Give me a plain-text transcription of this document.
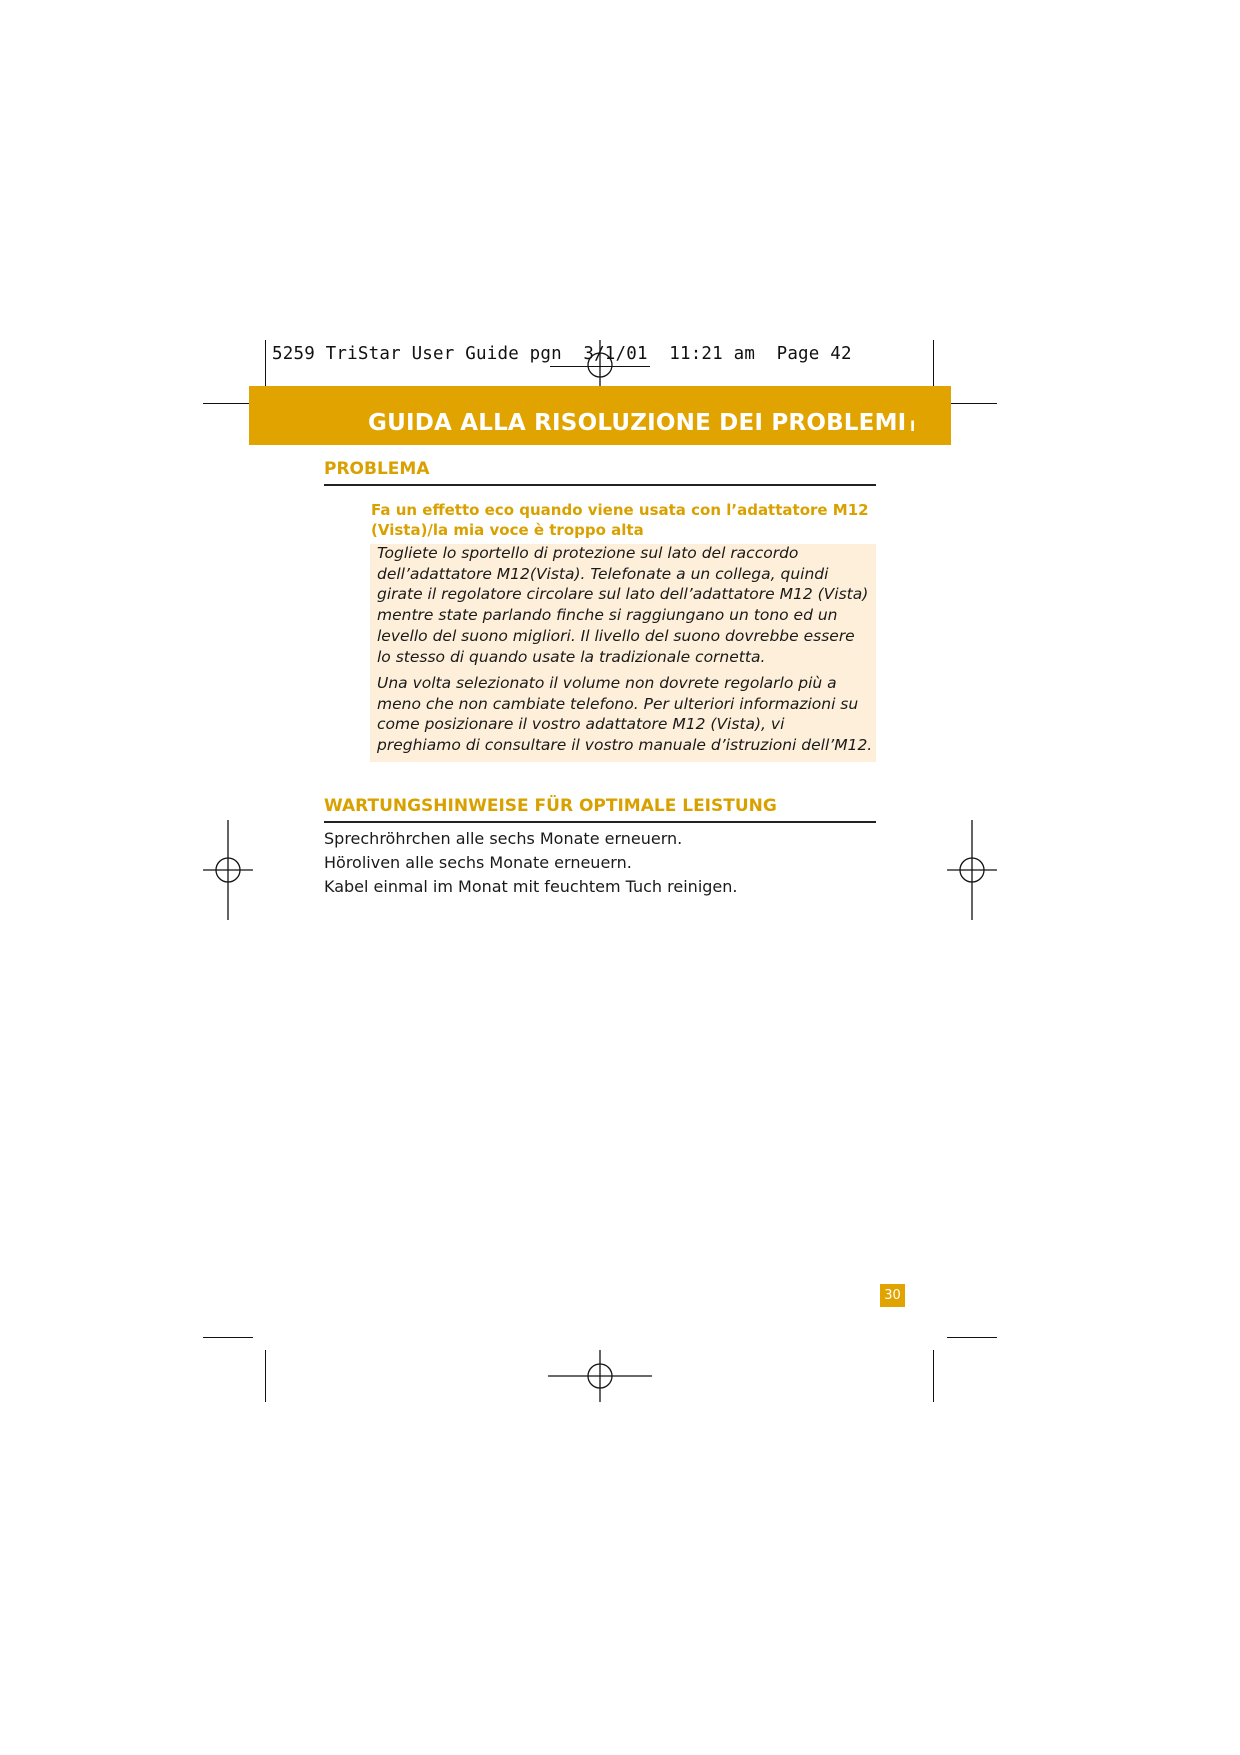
5259 TriStar User Guide pgn  3/1/01  11:21 am  Page 42
GUIDA ALLA RISOLUZIONE DEI PROBLEMI I
PROBLEMA
Fa un effetto eco quando viene usata con l’adattatore M12 (Vista)/la mia voce è troppo alta
Togliete lo sportello di protezione sul lato del raccordo dell’adattatore M12(Vista). Telefonate a un collega, quindi girate il regolatore circolare sul lato dell’adattatore M12 (Vista) mentre state parlando finche si raggiungano un tono ed un levello del suono migliori. Il livello del suono dovrebbe essere lo stesso di quando usate la tradizionale cornetta.
Una volta selezionato il volume non dovrete regolarlo più a meno che non cambiate telefono. Per ulteriori informazioni su come posizionare il vostro adattatore M12 (Vista), vi preghiamo di consultare il vostro manuale d’istruzioni dell’M12.
WARTUNGSHINWEISE FÜR OPTIMALE LEISTUNG
Sprechröhrchen alle sechs Monate erneuern.
Höroliven alle sechs Monate erneuern.
Kabel einmal im Monat mit feuchtem Tuch reinigen.
30
